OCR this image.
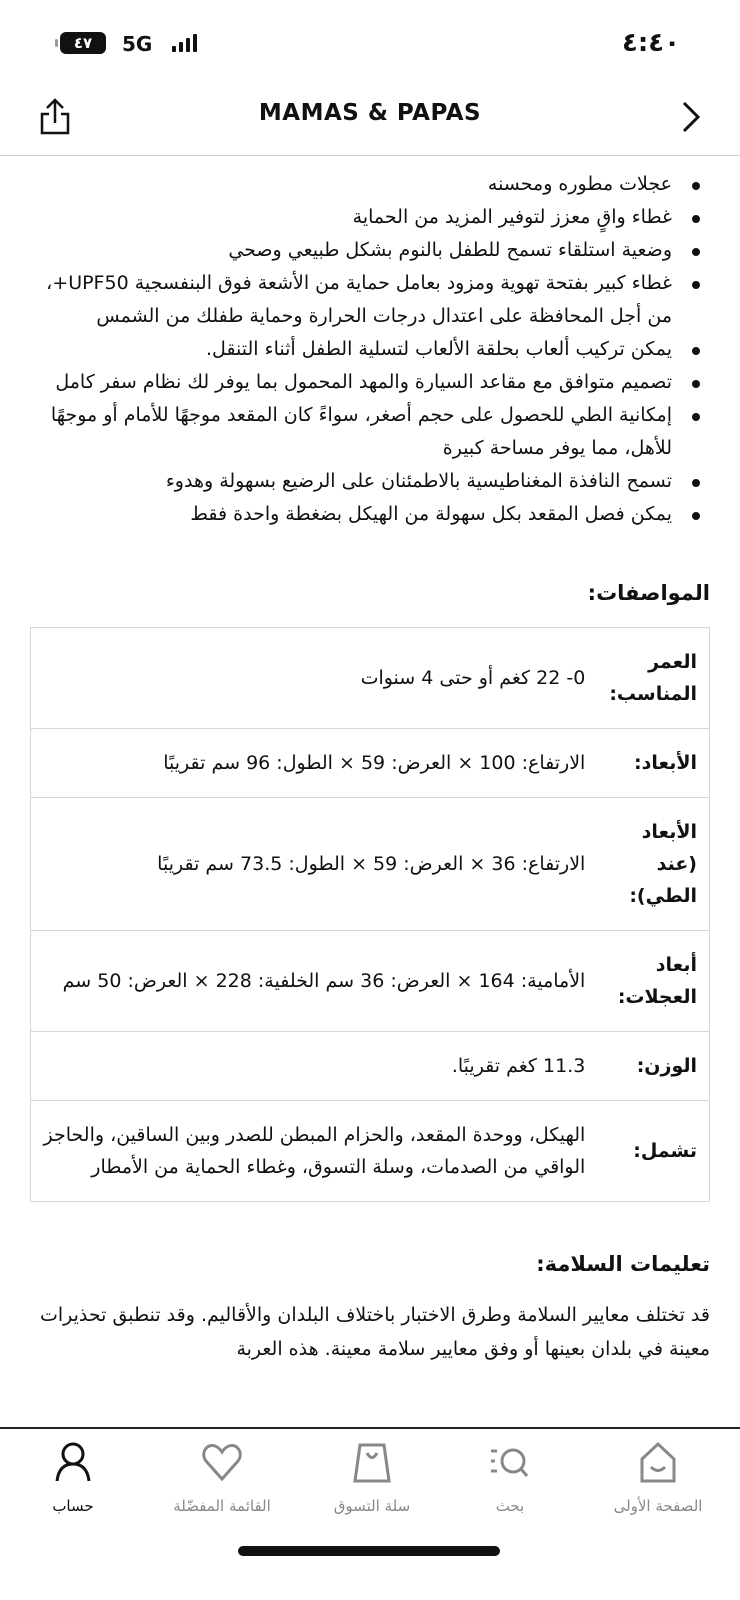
٤٧	5G	٤:٤٠
MAMAS & PAPAS
عجلات مطوره ومحسنه
غطاء واقٍ معزز لتوفير المزيد من الحماية
وضعية استلقاء تسمح للطفل بالنوم بشكل طبيعي وصحي
غطاء كبير بفتحة تهوية ومزود بعامل حماية من الأشعة فوق البنفسجية UPF50+، من أجل المحافظة على اعتدال درجات الحرارة وحماية طفلك من الشمس
يمكن تركيب ألعاب بحلقة الألعاب لتسلية الطفل أثناء التنقل.
تصميم متوافق مع مقاعد السيارة والمهد المحمول بما يوفر لك نظام سفر كامل
إمكانية الطي للحصول على حجم أصغر، سواءً كان المقعد موجهًا للأمام أو موجهًا للأهل، مما يوفر مساحة كبيرة
تسمح النافذة المغناطيسية بالاطمئنان على الرضيع بسهولة وهدوء
يمكن فصل المقعد بكل سهولة من الهيكل بضغطة واحدة فقط
المواصفات:
العمر المناسب:	0- 22 كغم أو حتى 4 سنوات
الأبعاد:	الارتفاع: 100 × العرض: 59 × الطول: 96 سم تقريبًا
الأبعاد (عند الطي):	الارتفاع: 36 × العرض: 59 × الطول: 73.5 سم تقريبًا
أبعاد العجلات:	الأمامية: 164 × العرض: 36 سم الخلفية: 228 × العرض: 50 سم
الوزن:	11.3 كغم تقريبًا.
تشمل:	الهيكل، ووحدة المقعد، والحزام المبطن للصدر وبين الساقين، والحاجز الواقي من الصدمات، وسلة التسوق، وغطاء الحماية من الأمطار
تعليمات السلامة:

قد تختلف معايير السلامة وطرق الاختبار باختلاف البلدان والأقاليم. وقد تنطبق تحذيرات معينة في بلدان بعينها أو وفق معايير سلامة معينة. هذه العربة

الصفحة الأولى
بحث
سلة التسوق
القائمة المفضّلة
حساب
